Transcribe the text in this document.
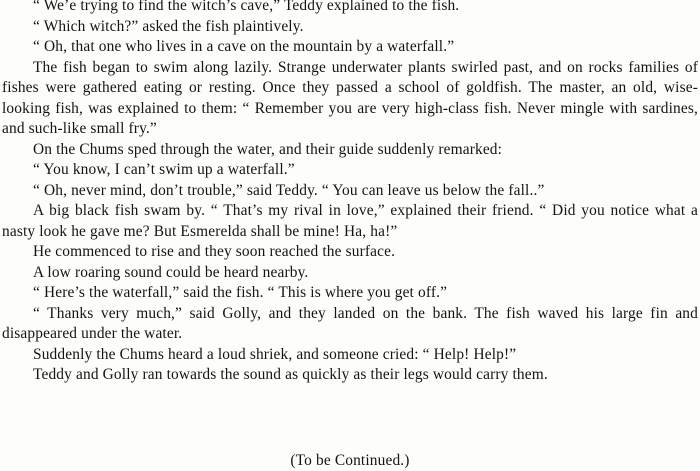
“ We’e trying to find the witch’s cave,” Teddy explained to the fish.

“ Which witch?” asked the fish plaintively.

“ Oh, that one who lives in a cave on the mountain by a waterfall.”

The fish began to swim along lazily. Strange underwater plants swirled past, and on rocks families of fishes were gathered eating or resting. Once they passed a school of goldfish. The master, an old, wise-looking fish, was explained to them: “ Remember you are very high-class fish. Never mingle with sardines, and such-like small fry.”

On the Chums sped through the water, and their guide suddenly remarked:

“ You know, I can’t swim up a waterfall.”

“ Oh, never mind, don’t trouble,” said Teddy. “ You can leave us below the fall..”

A big black fish swam by. “ That’s my rival in love,” explained their friend. “ Did you notice what a nasty look he gave me? But Esmerelda shall be mine! Ha, ha!”

He commenced to rise and they soon reached the surface.

A low roaring sound could be heard nearby.

“ Here’s the waterfall,” said the fish. “ This is where you get off.”

“ Thanks very much,” said Golly, and they landed on the bank. The fish waved his large fin and disappeared under the water.

Suddenly the Chums heard a loud shriek, and someone cried: “ Help! Help!”

Teddy and Golly ran towards the sound as quickly as their legs would carry them.

(To be Continued.)
